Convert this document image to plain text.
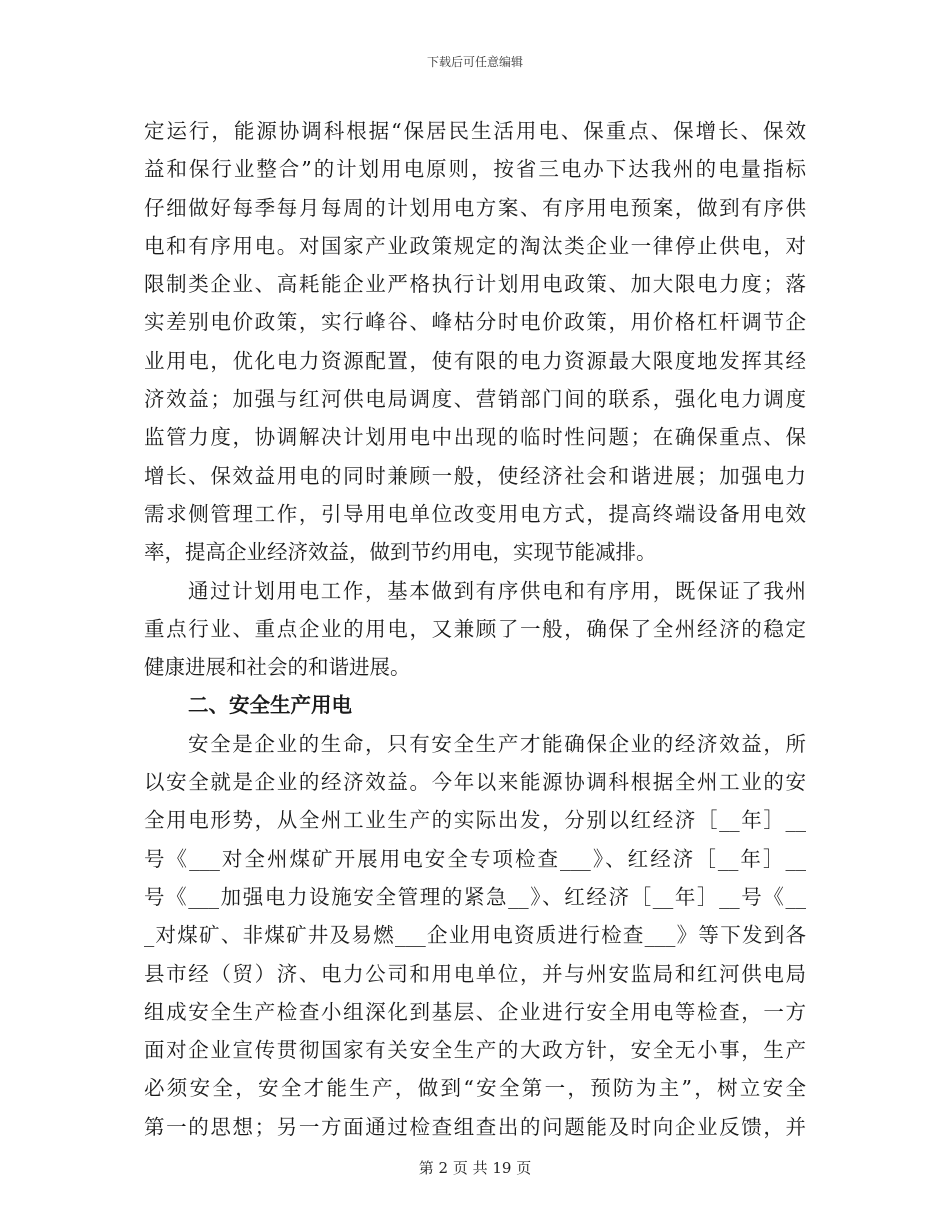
下载后可任意编辑
定运行，能源协调科根据“保居民生活用电、保重点、保增长、保效
益和保行业整合”的计划用电原则，按省三电办下达我州的电量指标
仔细做好每季每月每周的计划用电方案、有序用电预案，做到有序供
电和有序用电。对国家产业政策规定的淘汰类企业一律停止供电，对
限制类企业、高耗能企业严格执行计划用电政策、加大限电力度；落
实差别电价政策，实行峰谷、峰枯分时电价政策，用价格杠杆调节企
业用电，优化电力资源配置，使有限的电力资源最大限度地发挥其经
济效益；加强与红河供电局调度、营销部门间的联系，强化电力调度
监管力度，协调解决计划用电中出现的临时性问题；在确保重点、保
增长、保效益用电的同时兼顾一般，使经济社会和谐进展；加强电力
需求侧管理工作，引导用电单位改变用电方式，提高终端设备用电效
率，提高企业经济效益，做到节约用电，实现节能减排。
通过计划用电工作，基本做到有序供电和有序用，既保证了我州
重点行业、重点企业的用电，又兼顾了一般，确保了全州经济的稳定
健康进展和社会的和谐进展。
二、安全生产用电
安全是企业的生命，只有安全生产才能确保企业的经济效益，所
以安全就是企业的经济效益。今年以来能源协调科根据全州工业的安
全用电形势，从全州工业生产的实际出发，分别以红经济［__年］__
号《___对全州煤矿开展用电安全专项检查___》、红经济［__年］__
号《___加强电力设施安全管理的紧急__》、红经济［__年］__号《__
_对煤矿、非煤矿井及易燃___企业用电资质进行检查___》等下发到各
县市经（贸）济、电力公司和用电单位，并与州安监局和红河供电局
组成安全生产检查小组深化到基层、企业进行安全用电等检查，一方
面对企业宣传贯彻国家有关安全生产的大政方针，安全无小事，生产
必须安全，安全才能生产，做到“安全第一，预防为主”，树立安全
第一的思想；另一方面通过检查组查出的问题能及时向企业反馈，并
第 2 页 共 19 页
